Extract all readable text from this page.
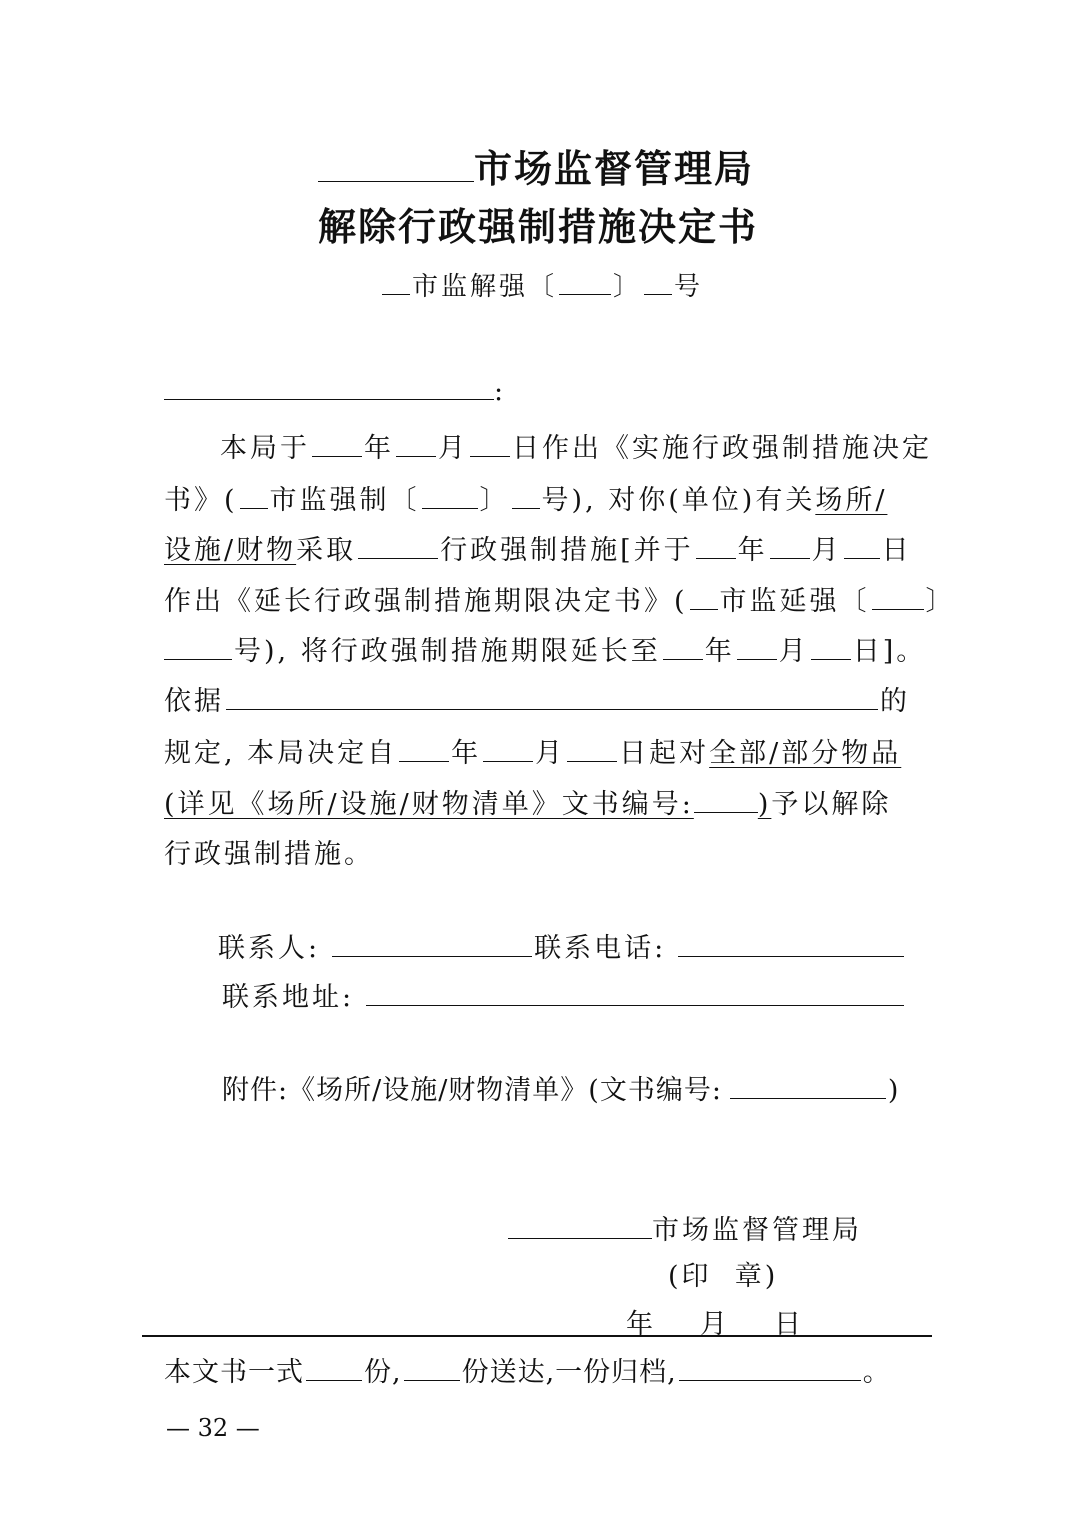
市场监督管理局
解除行政强制措施决定书
市监解强〔 〕 号
:
本局于 年 月 日作出《实施行政强制措施决定
书》( 市监强制〔 〕 号), 对你(单位)有关场所/
设施/财物采取	行政强制措施[并于 年 月 日
作出《延长行政强制措施期限决定书》( 市监延强〔 〕
号), 将行政强制措施期限延长至 年 月 日]。
依据	的
规定, 本局决定自 年 月 日起对全部/部分物品
(详见《场所/设施/财物清单》文书编号: )予以解除
行政强制措施。
联系人:	联系电话:
联系地址:
附件:《场所/设施/财物清单》(文书编号:	)
市场监督管理局
(印  章)
年 月 日
本文书一式 份, 份送达,一份归档,	。
— 32 —
